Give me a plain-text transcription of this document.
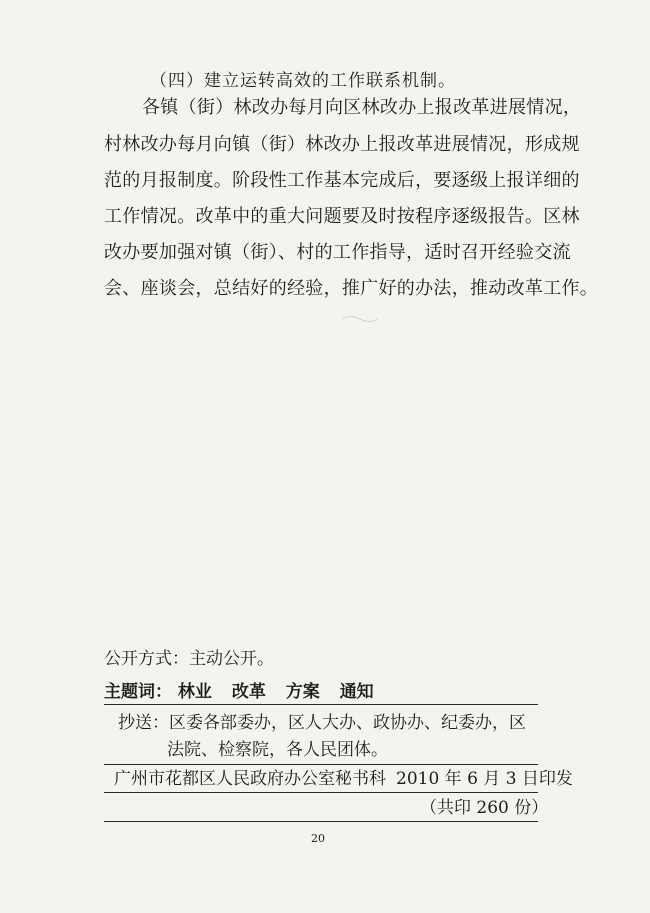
（四）建立运转高效的工作联系机制。
各镇（街）林改办每月向区林改办上报改革进展情况，
村林改办每月向镇（街）林改办上报改革进展情况，形成规
范的月报制度。阶段性工作基本完成后，要逐级上报详细的
工作情况。改革中的重大问题要及时按程序逐级报告。区林
改办要加强对镇（街）、村的工作指导，适时召开经验交流
会、座谈会，总结好的经验，推广好的办法，推动改革工作。
公开方式：主动公开。
主题词： 林业 改革 方案 通知
抄送：区委各部委办，区人大办、政协办、纪委办，区
法院、检察院，各人民团体。
广州市花都区人民政府办公室秘书科 2010 年 6 月 3 日印发
（共印 260 份）
20
